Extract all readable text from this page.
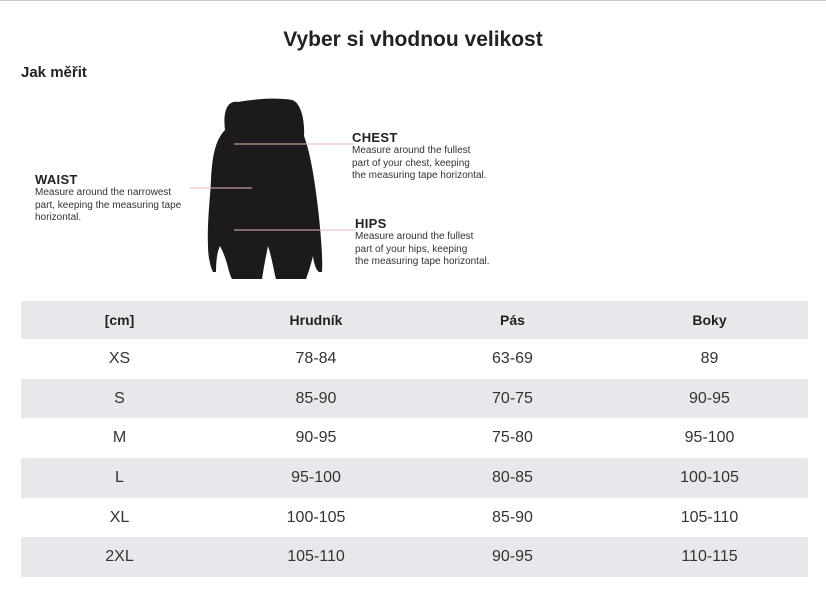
Vyber si vhodnou velikost
Jak měřit
WAIST
Measure around the narrowest
part, keeping the measuring tape
horizontal.
CHEST
Measure around the fullest
part of your chest, keeping
the measuring tape horizontal.
HIPS
Measure around the fullest
part of your hips, keeping
the measuring tape horizontal.
[cm]	Hrudník	Pás	Boky
XS	78-84	63-69	89
S	85-90	70-75	90-95
M	90-95	75-80	95-100
L	95-100	80-85	100-105
XL	100-105	85-90	105-110
2XL	105-110	90-95	110-115
